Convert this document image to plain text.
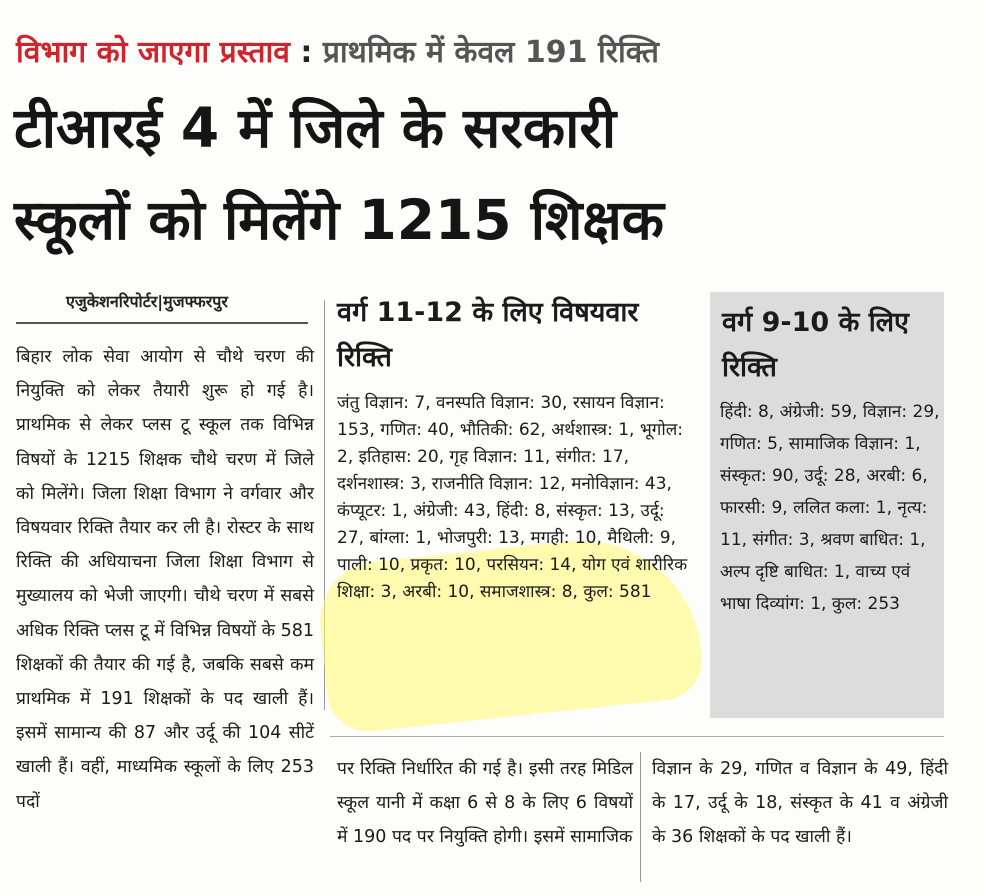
विभाग को जाएगा प्रस्ताव : प्राथमिक में केवल 191 रिक्ति
टीआरई 4 में जिले के सरकारी
स्कूलों को मिलेंगे 1215 शिक्षक
एजुकेशनरिपोर्टर|मुजफ्फरपुर
बिहार लोक सेवा आयोग से चौथे चरण की नियुक्ति को लेकर तैयारी शुरू हो गई है। प्राथमिक से लेकर प्लस टू स्कूल तक विभिन्न विषयों के 1215 शिक्षक चौथे चरण में जिले को मिलेंगे। जिला शिक्षा विभाग ने वर्गवार और विषयवार रिक्ति तैयार कर ली है। रोस्टर के साथ रिक्ति की अधियाचना जिला शिक्षा विभाग से मुख्यालय को भेजी जाएगी। चौथे चरण में सबसे अधिक रिक्ति प्लस टू में विभिन्न विषयों के 581 शिक्षकों की तैयार की गई है, जबकि सबसे कम प्राथमिक में 191 शिक्षकों के पद खाली हैं। इसमें सामान्य की 87 और उर्दू की 104 सीटें खाली हैं। वहीं, माध्यमिक स्कूलों के लिए 253 पदों
वर्ग 11-12 के लिए विषयवार रिक्ति
जंतु विज्ञान: 7, वनस्पति विज्ञान: 30, रसायन विज्ञान: 153, गणित: 40, भौतिकी: 62, अर्थशास्त्र: 1, भूगोल: 2, इतिहास: 20, गृह विज्ञान: 11, संगीत: 17, दर्शनशास्त्र: 3, राजनीति विज्ञान: 12, मनोविज्ञान: 43, कंप्यूटर: 1, अंग्रेजी: 43, हिंदी: 8, संस्कृत: 13, उर्दू: 27, बांग्ला: 1, भोजपुरी: 13, मगही: 10, मैथिली: 9, पाली: 10, प्रकृत: 10, परसियन: 14, योग एवं शारीरिक शिक्षा: 3, अरबी: 10, समाजशास्त्र: 8, कुल: 581
वर्ग 9-10 के लिए रिक्ति
हिंदी: 8, अंग्रेजी: 59, विज्ञान: 29, गणित: 5, सामाजिक विज्ञान: 1, संस्कृत: 90, उर्दू: 28, अरबी: 6, फारसी: 9, ललित कला: 1, नृत्य: 11, संगीत: 3, श्रवण बाधित: 1, अल्प दृष्टि बाधित: 1, वाच्य एवं भाषा दिव्यांग: 1, कुल: 253
पर रिक्ति निर्धारित की गई है। इसी तरह मिडिल स्कूल यानी में कक्षा 6 से 8 के लिए 6 विषयों में 190 पद पर नियुक्ति होगी। इसमें सामाजिक
विज्ञान के 29, गणित व विज्ञान के 49, हिंदी के 17, उर्दू के 18, संस्कृत के 41 व अंग्रेजी के 36 शिक्षकों के पद खाली हैं।
